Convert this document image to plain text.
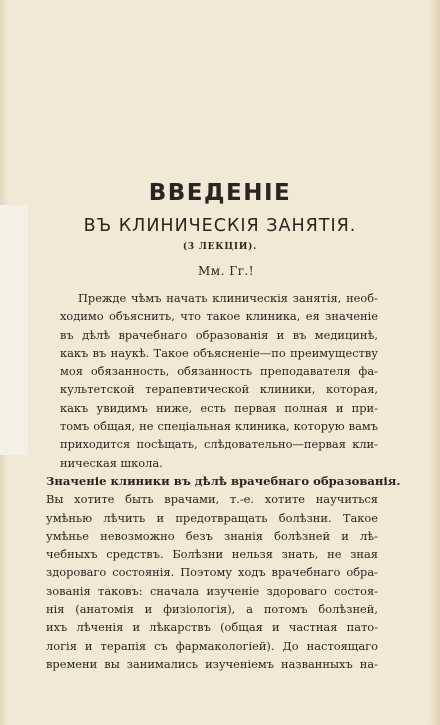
ВВЕДЕНІЕ
ВЪ КЛИНИЧЕСКІЯ ЗАНЯТІЯ.
(3 ЛЕКЦІИ).
Мм. Гг.!
Прежде чѣмъ начать клиническія занятія, необ-
ходимо объяснить, что такое клиника, ея значеніе
въ дѣлѣ врачебнаго образованія и въ медицинѣ,
какъ въ наукѣ. Такое объясненіе—по преимуществу
моя обязанность, обязанность преподавателя фа-
культетской терапевтической клиники, которая,
какъ увидимъ ниже, есть первая полная и при-
томъ общая, не спеціальная клиника, которую вамъ
приходится посѣщать, слѣдовательно—первая кли-
ническая школа.
Значеніе клиники въ дѣлѣ врачебнаго образованія.
Вы хотите быть врачами, т.-е. хотите научиться
умѣнью лѣчить и предотвращать болѣзни. Такое
умѣнье невозможно безъ знанія болѣзней и лѣ-
чебныхъ средствъ. Болѣзни нельзя знать, не зная
здороваго состоянія. Поэтому ходъ врачебнаго обра-
зованія таковъ: сначала изученіе здороваго состоя-
нія (анатомія и физіологія), а потомъ болѣзней,
ихъ лѣченія и лѣкарствъ (общая и частная пато-
логія и терапія съ фармакологіей). До настоящаго
времени вы занимались изученіемъ названныхъ на-
